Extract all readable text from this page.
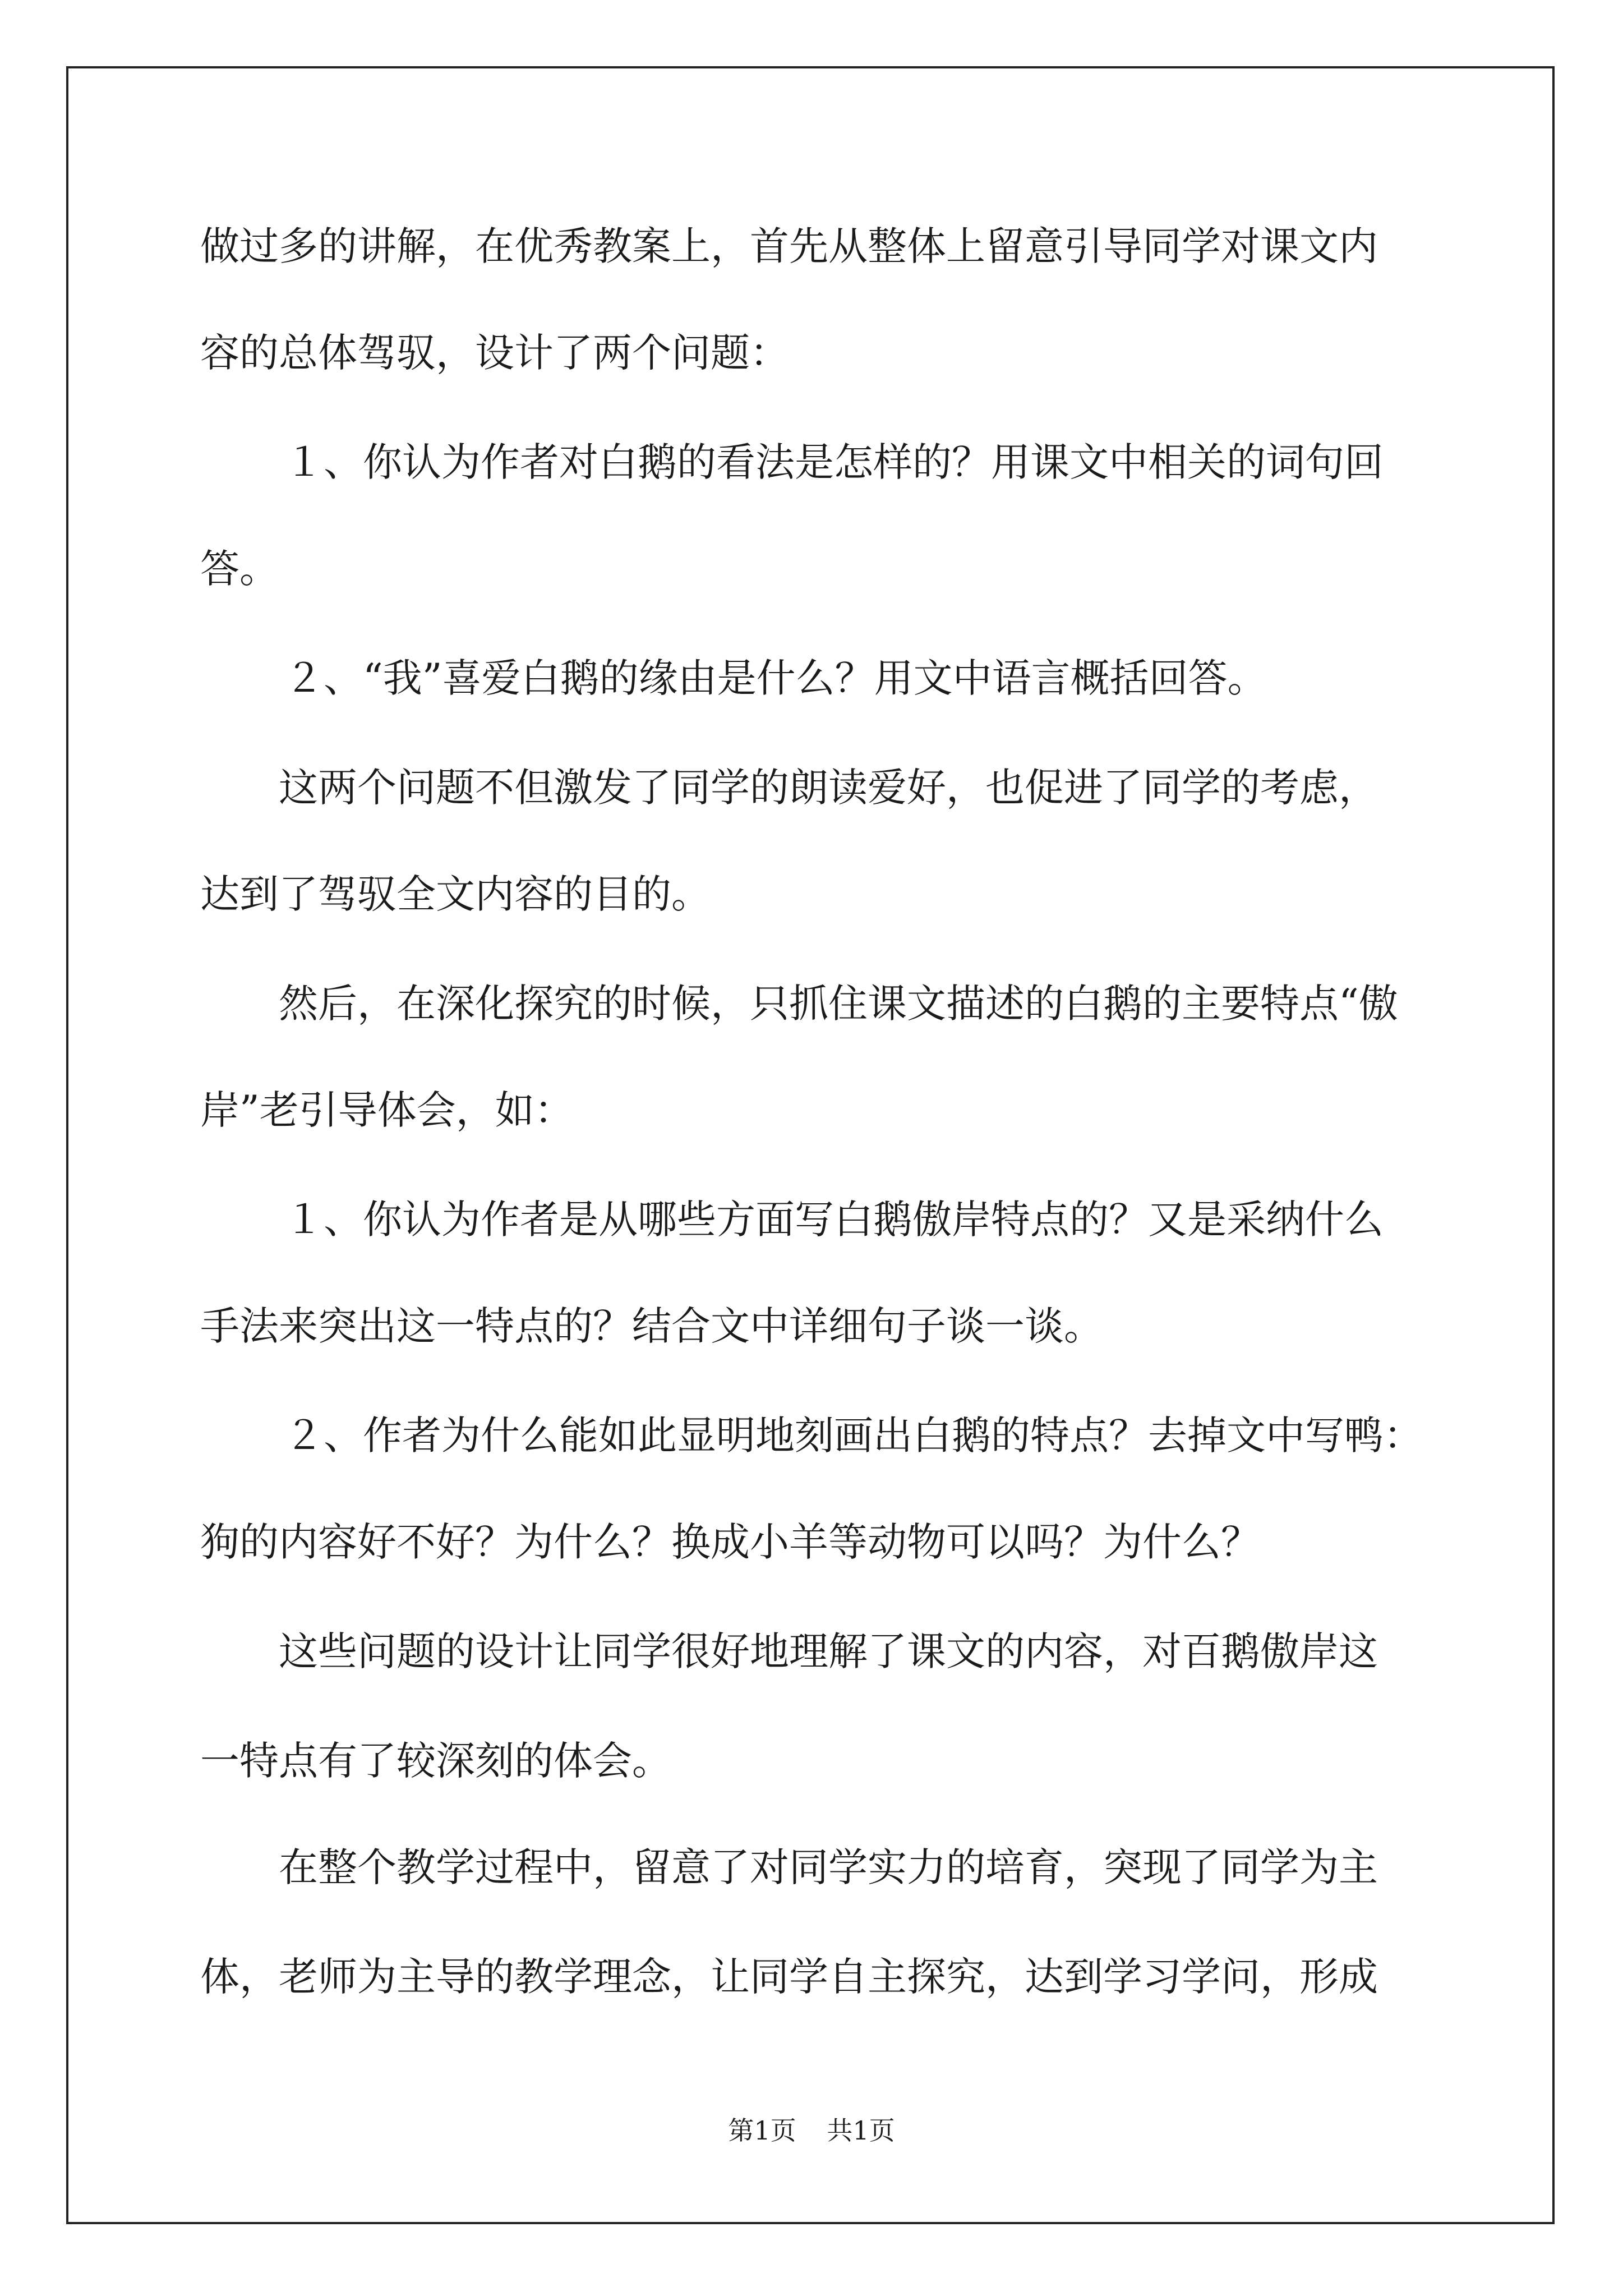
做过多的讲解，在优秀教案上，首先从整体上留意引导同学对课文内
容的总体驾驭，设计了两个问题：
１、你认为作者对白鹅的看法是怎样的？用课文中相关的词句回
答。
２、“我”喜爱白鹅的缘由是什么？用文中语言概括回答。
这两个问题不但激发了同学的朗读爱好，也促进了同学的考虑，
达到了驾驭全文内容的目的。
然后，在深化探究的时候，只抓住课文描述的白鹅的主要特点“傲
岸”老引导体会，如：
１、你认为作者是从哪些方面写白鹅傲岸特点的？又是采纳什么
手法来突出这一特点的？结合文中详细句子谈一谈。
２、作者为什么能如此显明地刻画出白鹅的特点？去掉文中写鸭：
狗的内容好不好？为什么？换成小羊等动物可以吗？为什么？
这些问题的设计让同学很好地理解了课文的内容，对百鹅傲岸这
一特点有了较深刻的体会。
在整个教学过程中，留意了对同学实力的培育，突现了同学为主
体，老师为主导的教学理念，让同学自主探究，达到学习学问，形成
第1页 共1页
